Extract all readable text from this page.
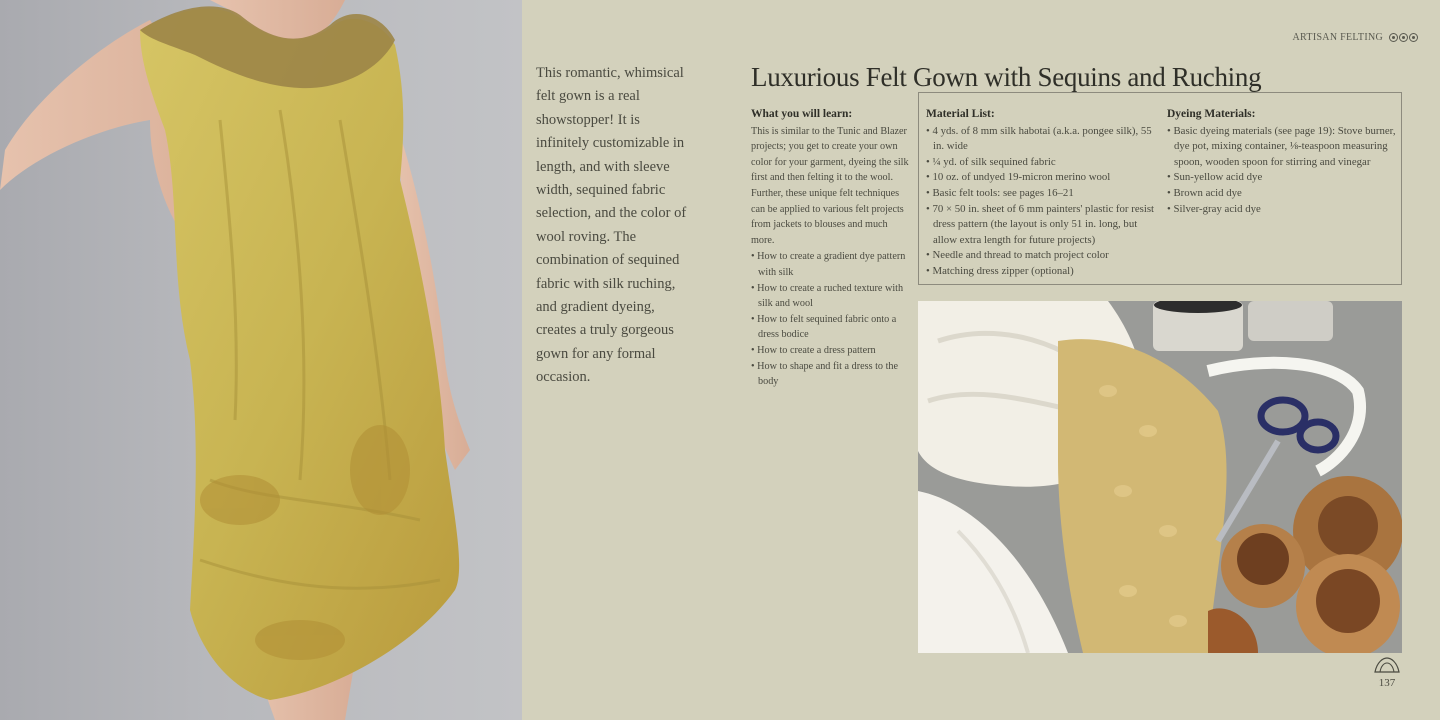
ARTISAN FELTING

This romantic, whimsical felt gown is a real showstopper! It is infinitely customizable in length, and with sleeve width, sequined fabric selection, and the color of wool roving. The combination of sequined fabric with silk ruching, and gradient dyeing, creates a truly gorgeous gown for any formal occasion.

Luxurious Felt Gown with Sequins and Ruching
What you will learn:
This is similar to the Tunic and Blazer projects; you get to create your own color for your garment, dyeing the silk first and then felting it to the wool. Further, these unique felt techniques can be applied to various felt projects from jackets to blouses and much more.
• How to create a gradient dye pattern with silk
• How to create a ruched texture with silk and wool
• How to felt sequined fabric onto a dress bodice
• How to create a dress pattern
• How to shape and fit a dress to the body
Material List:
• 4 yds. of 8 mm silk habotai (a.k.a. pongee silk), 55 in. wide
• ¼ yd. of silk sequined fabric
• 10 oz. of undyed 19-micron merino wool
• Basic felt tools: see pages 16–21
• 70 × 50 in. sheet of 6 mm painters' plastic for resist dress pattern (the layout is only 51 in. long, but allow extra length for future projects)
• Needle and thread to match project color
• Matching dress zipper (optional)
Dyeing Materials:
• Basic dyeing materials (see page 19): Stove burner, dye pot, mixing container, ⅛-teaspoon measuring spoon, wooden spoon for stirring and vinegar
• Sun-yellow acid dye
• Brown acid dye
• Silver-gray acid dye
137
